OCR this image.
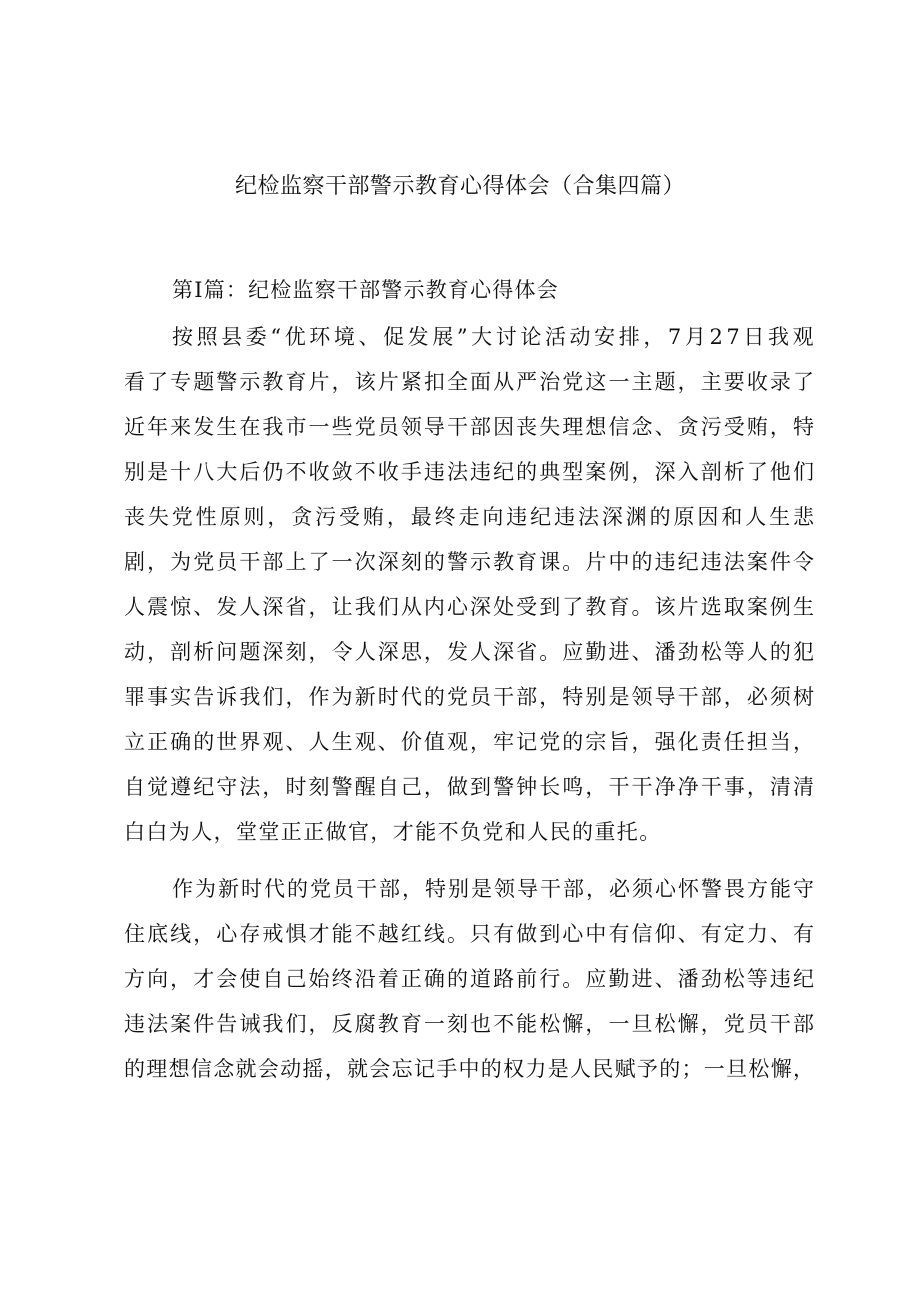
纪检监察干部警示教育心得体会（合集四篇）
第Ⅰ篇：纪检监察干部警示教育心得体会
按照县委“优环境、促发展”大讨论活动安排，7月27日我观
看了专题警示教育片，该片紧扣全面从严治党这一主题，主要收录了
近年来发生在我市一些党员领导干部因丧失理想信念、贪污受贿，特
别是十八大后仍不收敛不收手违法违纪的典型案例，深入剖析了他们
丧失党性原则，贪污受贿，最终走向违纪违法深渊的原因和人生悲
剧，为党员干部上了一次深刻的警示教育课。片中的违纪违法案件令
人震惊、发人深省，让我们从内心深处受到了教育。该片选取案例生
动，剖析问题深刻，令人深思，发人深省。应勤进、潘劲松等人的犯
罪事实告诉我们，作为新时代的党员干部，特别是领导干部，必须树
立正确的世界观、人生观、价值观，牢记党的宗旨，强化责任担当，
自觉遵纪守法，时刻警醒自己，做到警钟长鸣，干干净净干事，清清
白白为人，堂堂正正做官，才能不负党和人民的重托。
作为新时代的党员干部，特别是领导干部，必须心怀警畏方能守
住底线，心存戒惧才能不越红线。只有做到心中有信仰、有定力、有
方向，才会使自己始终沿着正确的道路前行。应勤进、潘劲松等违纪
违法案件告诫我们，反腐教育一刻也不能松懈，一旦松懈，党员干部
的理想信念就会动摇，就会忘记手中的权力是人民赋予的；一旦松懈，
